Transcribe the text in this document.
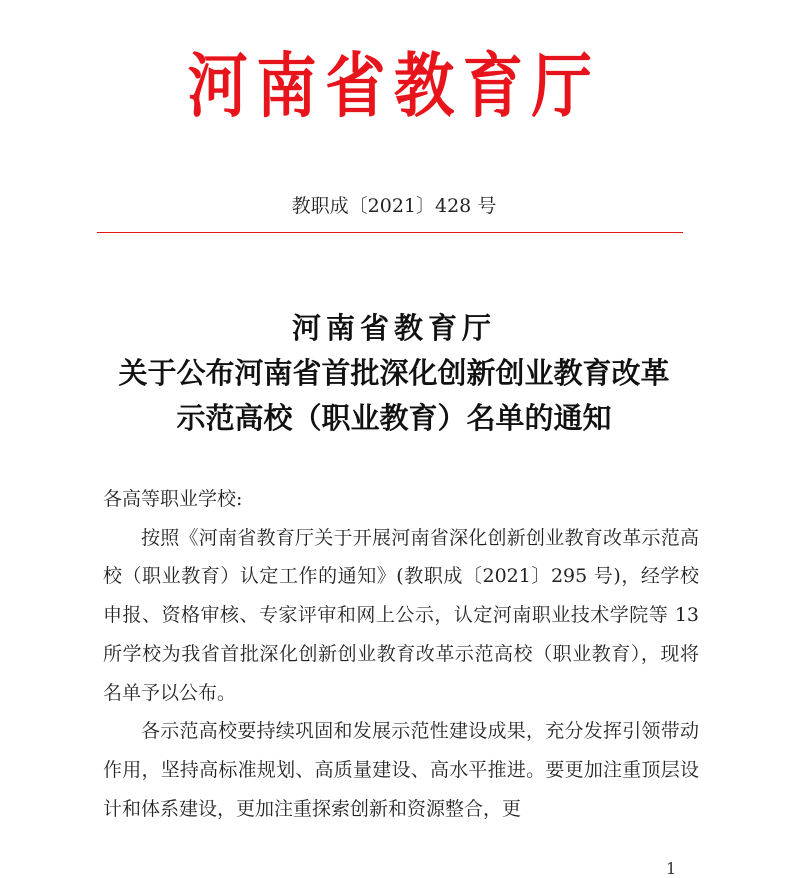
河南省教育厅
教职成〔2021〕428 号
河南省教育厅
关于公布河南省首批深化创新创业教育改革
示范高校（职业教育）名单的通知

各高等职业学校:

按照《河南省教育厅关于开展河南省深化创新创业教育改革示范高校（职业教育）认定工作的通知》(教职成〔2021〕295 号)，经学校申报、资格审核、专家评审和网上公示，认定河南职业技术学院等 13 所学校为我省首批深化创新创业教育改革示范高校（职业教育），现将名单予以公布。

各示范高校要持续巩固和发展示范性建设成果，充分发挥引领带动作用，坚持高标准规划、高质量建设、高水平推进。要更加注重顶层设计和体系建设，更加注重探索创新和资源整合，更

1
